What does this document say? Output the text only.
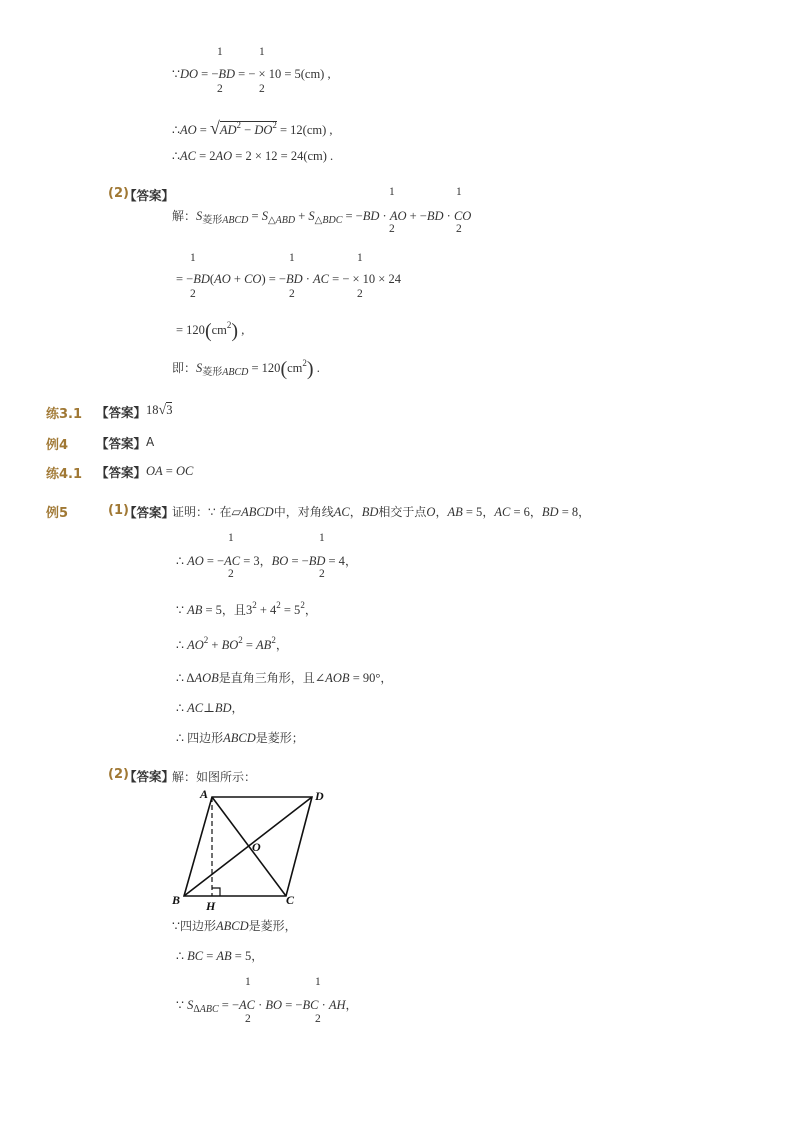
1
2
1
2
∵DO = −BD = − × 10 = 5(cm) ,
∴AO = $√AD^2 - DO^2 = 12(cm)$ ,
∴AC = 2AO = 2 × 12 = 24(cm) .
(2)
【答案】	1
2
1
2
解：$S_{菱形ABCD} = S_{\triangle ABD} + S_{\triangle BDC} = -BD$ · AO + −BD · CO
1
2
1
2
1
2
= −BD(AO + CO) = −BD · AC = − × 10 × 24
= $120(cm^2)$ ,
即：$S_{菱形ABCD} = 120(cm^2)$ .
练3.1 【答案】 18√3
例4 【答案】 A
练4.1 【答案】 OA = OC
例5	(1)
【答案】
证明：∵ 在▱ABCD中，对角线AC，BD相交于点O，AB = 5，AC = 6，BD = 8，
1
2
1
2
∴ AO = −AC = 3，BO = −BD = 4，
∵ AB = 5，且$3^2 + 4^2 = 5^2$，
∴ $AO^2 + BO^2 = AB^2$，
∴ ΔAOB是直角三角形，且∠AOB = 90°，
∴ AC⊥BD，
∴ 四边形ABCD是菱形；
(2)
【答案】
解：如图所示：
A	D
O
B H	C
∵四边形ABCD是菱形，
∴ BC = AB = 5，
1
2
1
2
∵ $S_{\Delta ABC} = -AC$ · BO = −BC · AH，
